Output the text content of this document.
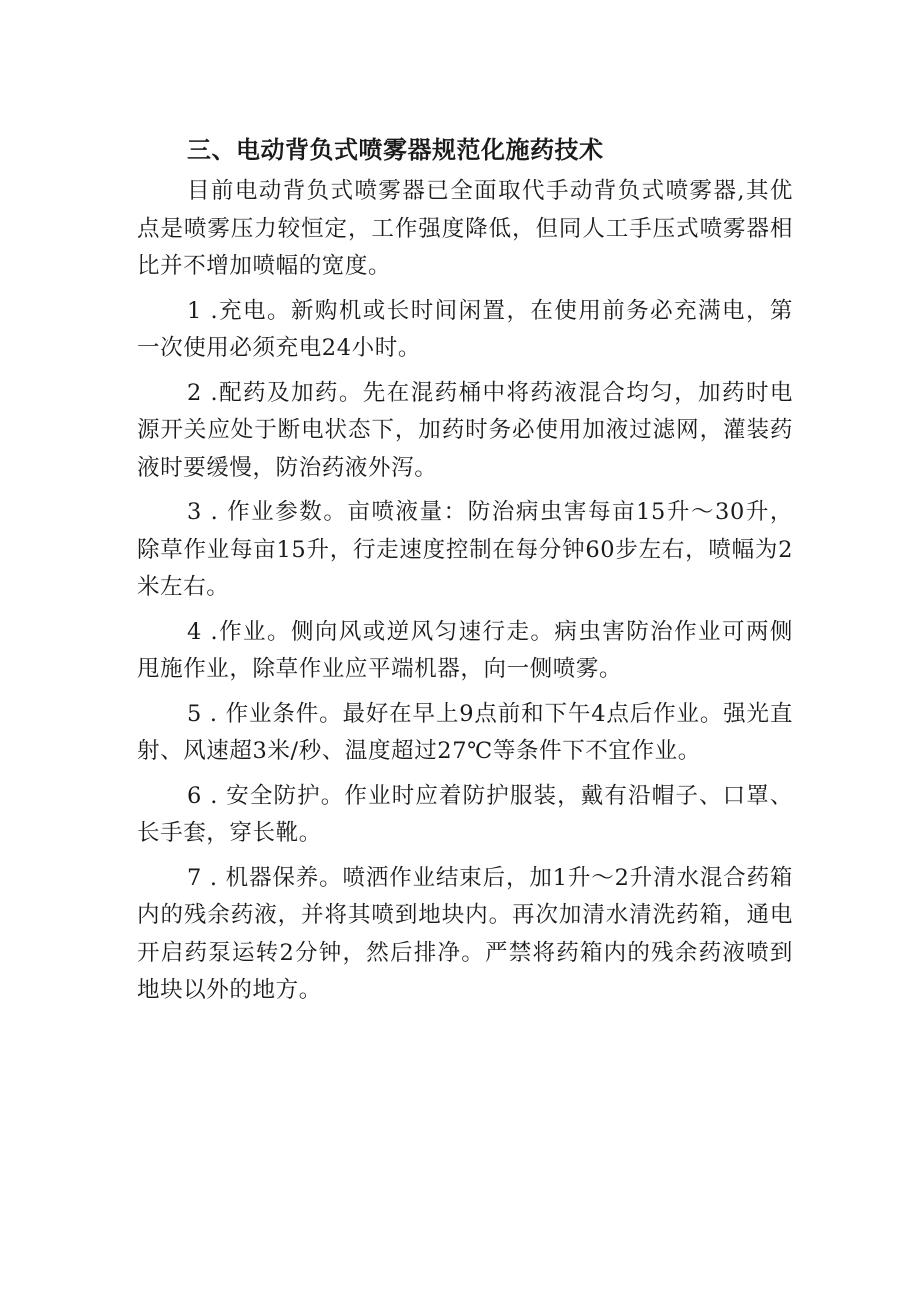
三、电动背负式喷雾器规范化施药技术

目前电动背负式喷雾器已全面取代手动背负式喷雾器,其优点是喷雾压力较恒定，工作强度降低，但同人工手压式喷雾器相比并不增加喷幅的宽度。

1 .充电。新购机或长时间闲置，在使用前务必充满电，第一次使用必须充电24小时。

2 .配药及加药。先在混药桶中将药液混合均匀，加药时电源开关应处于断电状态下，加药时务必使用加液过滤网，灌装药液时要缓慢，防治药液外泻。

3 . 作业参数。亩喷液量：防治病虫害每亩15升～30升，除草作业每亩15升，行走速度控制在每分钟60步左右，喷幅为2米左右。

4 .作业。侧向风或逆风匀速行走。病虫害防治作业可两侧甩施作业，除草作业应平端机器，向一侧喷雾。

5 . 作业条件。最好在早上9点前和下午4点后作业。强光直射、风速超3米/秒、温度超过27℃等条件下不宜作业。

6 . 安全防护。作业时应着防护服装，戴有沿帽子、口罩、长手套，穿长靴。

7 . 机器保养。喷洒作业结束后，加1升～2升清水混合药箱内的残余药液，并将其喷到地块内。再次加清水清洗药箱，通电开启药泵运转2分钟，然后排净。严禁将药箱内的残余药液喷到地块以外的地方。
